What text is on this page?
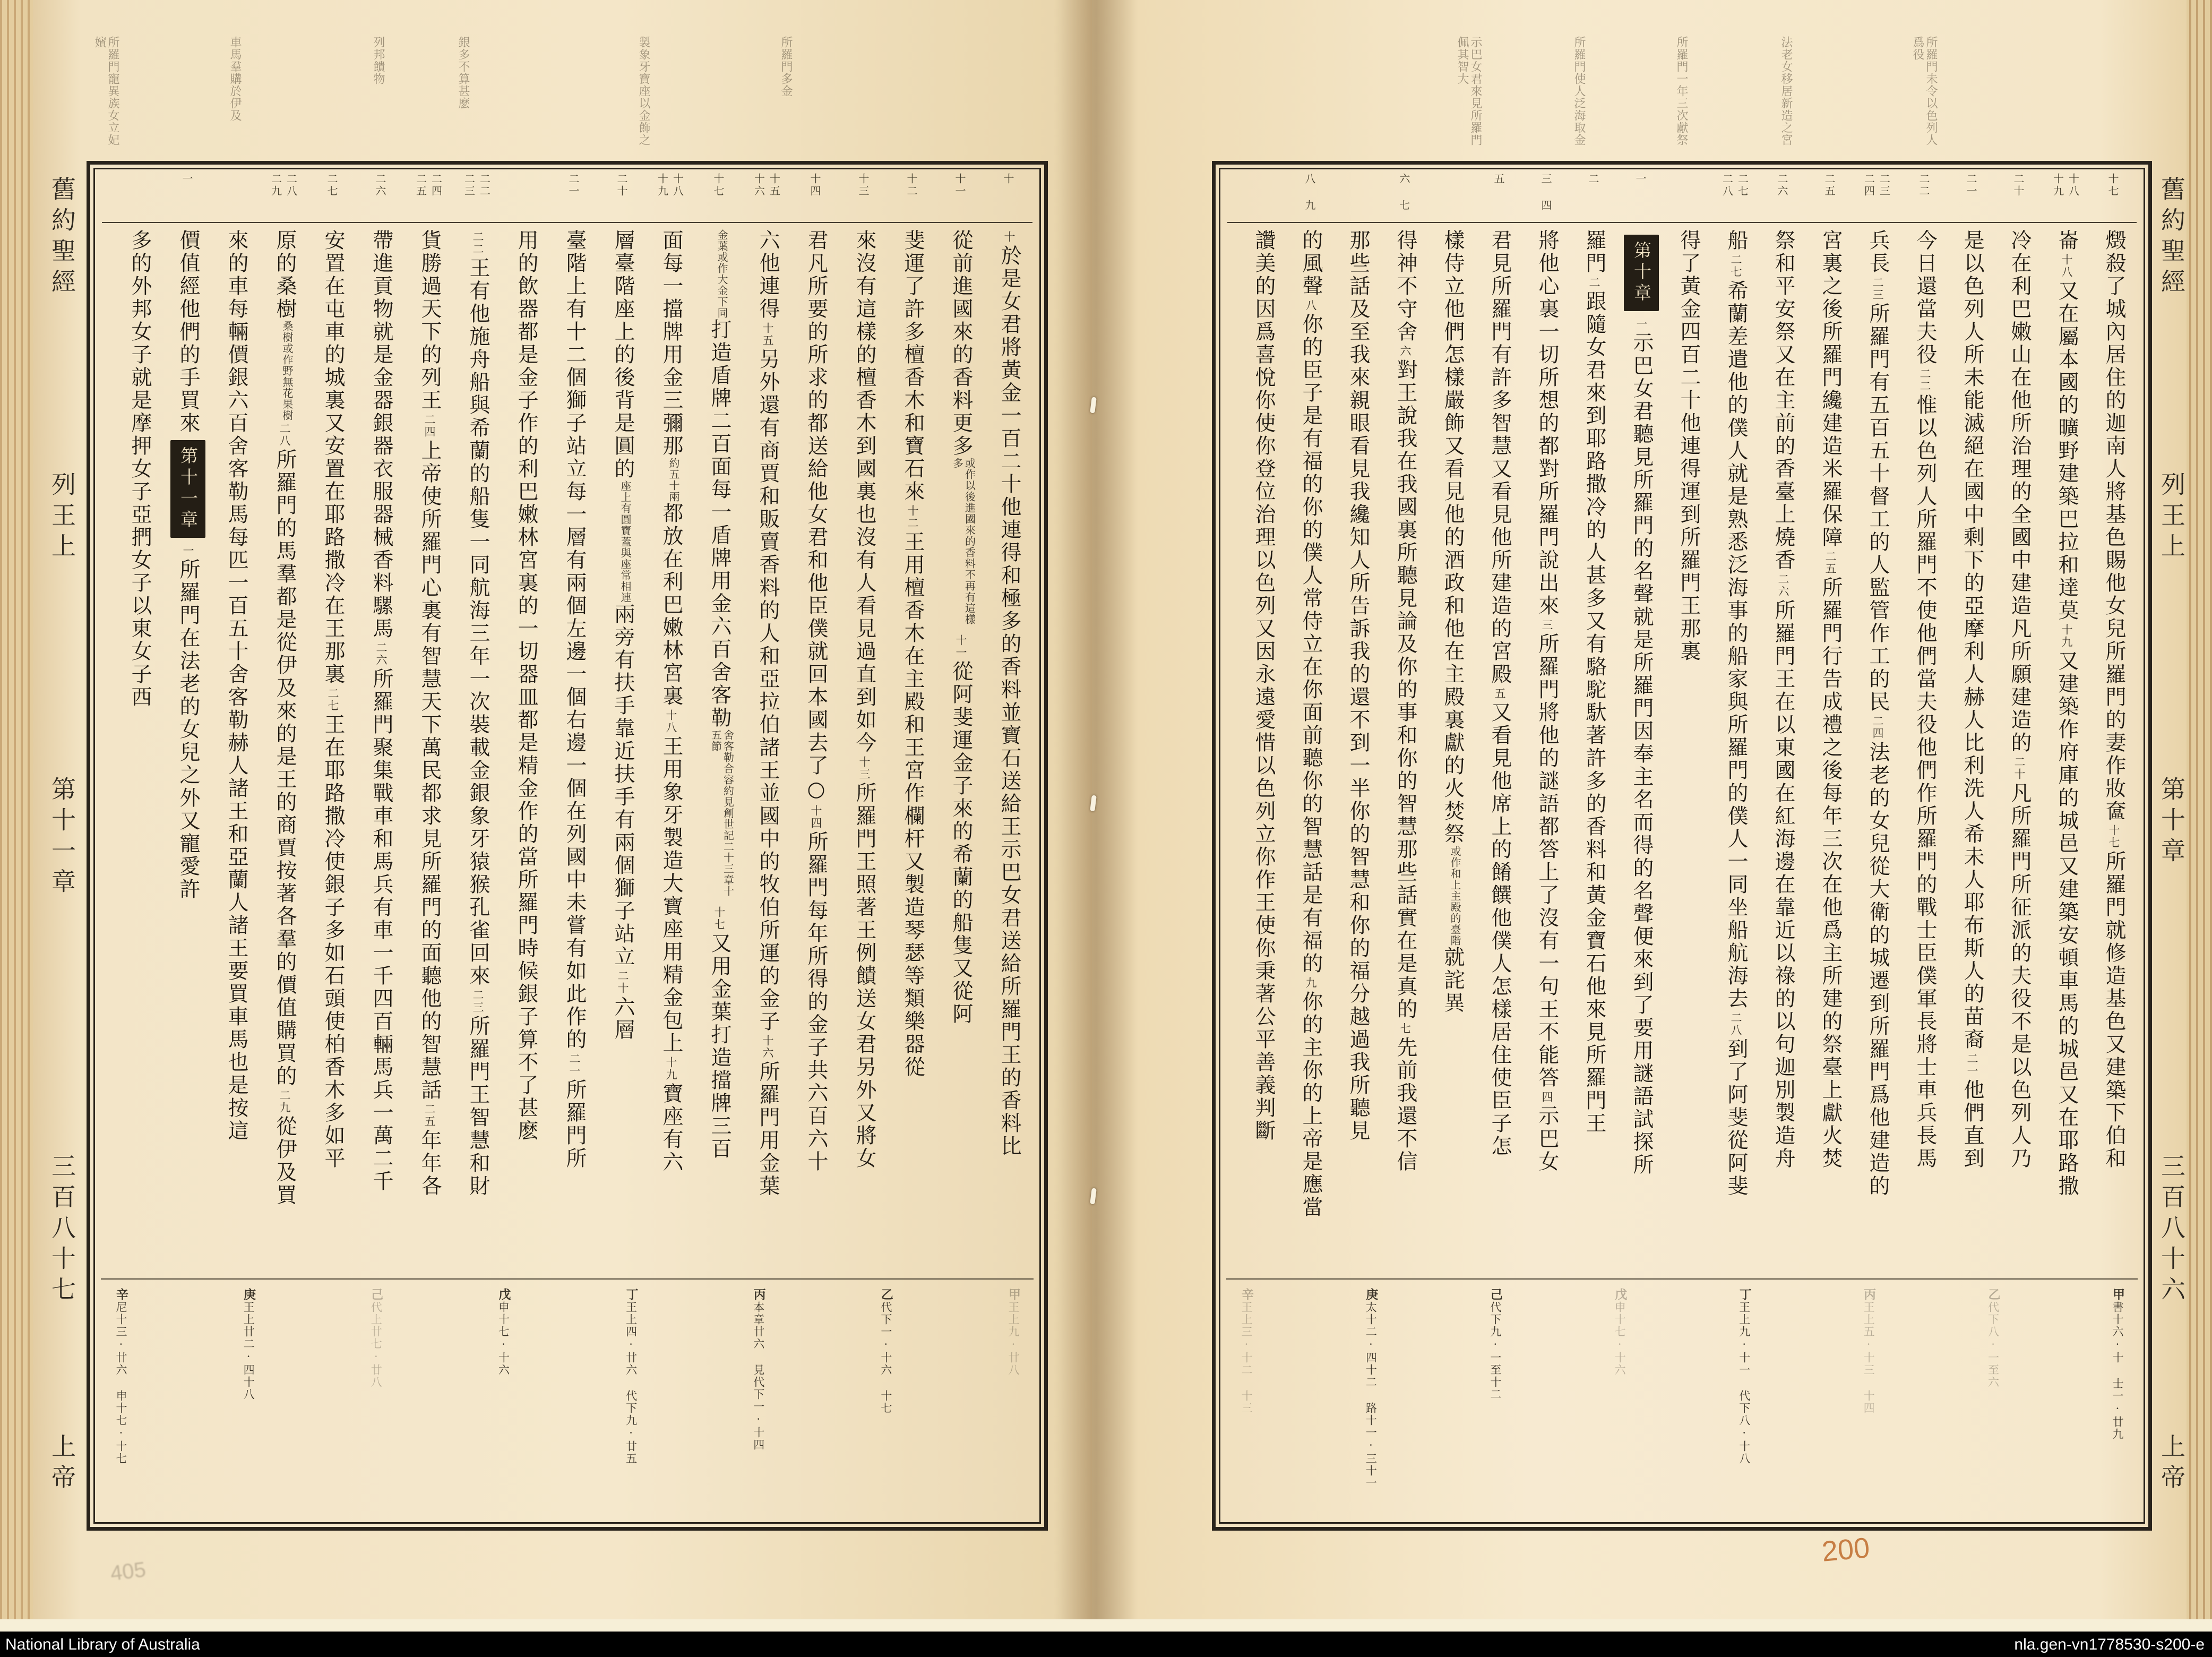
十
十一
十二
十三
十四
十五 十六
十七
十八 十九
二十
二一
二二 二三
二四 二五
二六
二七
二八 二九
一
十於是女君將黃金一百二十他連得和極多的香料並寶石送給王示巴女君送給所羅門王的香料比
從前進國來的香料更多或作以後進國來的香料不再有這樣多十一從阿斐運金子來的希蘭的船隻又從阿
斐運了許多檀香木和寶石來十二王用檀香木在主殿和王宮作欄杆又製造琴瑟等類樂器從
來沒有這樣的檀香木到國裏也沒有人看見過直到如今十三所羅門王照著王例饋送女君另外又將女
君凡所要的所求的都送給他女君和他臣僕就回本國去了○十四所羅門每年所得的金子共六百六十
六他連得十五另外還有商賈和販賣香料的人和亞拉伯諸王並國中的牧伯所運的金子十六所羅門用金葉
金葉或作大金下同打造盾牌二百面每一盾牌用金六百舍客勒舍客勒合容約見創世記二十三章十五節十七又用金葉打造擋牌三百
面每一擋牌用金三彌那約五十兩都放在利巴嫩林宮裏十八王用象牙製造大寶座用精金包上十九寶座有六
層臺階座上的後背是圓的座上有圓寶蓋與座常相連兩旁有扶手靠近扶手有兩個獅子站立二十六層
臺階上有十二個獅子站立每一層有兩個左邊一個右邊一個在列國中未嘗有如此作的二一所羅門所
用的飲器都是金子作的利巴嫩林宮裏的一切器皿都是精金作的當所羅門時候銀子算不了甚麽
二二王有他施舟船與希蘭的船隻一同航海三年一次裝載金銀象牙猿猴孔雀回來二三所羅門王智慧和財
貨勝過天下的列王二四上帝使所羅門心裏有智慧天下萬民都求見所羅門的面聽他的智慧話二五年年各
帶進貢物就是金器銀器衣服器械香料騾馬二六所羅門聚集戰車和馬兵有車一千四百輛馬兵一萬二千
安置在屯車的城裏又安置在耶路撒冷在王那裏二七王在耶路撒冷使銀子多如石頭使柏香木多如平
原的桑樹桑樹或作野無花果樹二八所羅門的馬羣都是從伊及來的是王的商賈按著各羣的價值購買的二九從伊及買
來的車每輛價銀六百舍客勒馬每匹一百五十舍客勒赫人諸王和亞蘭人諸王要買車馬也是按這
價值經他們的手買來第十一章一所羅門在法老的女兒之外又寵愛許
多的外邦女子就是摩押女子亞捫女子以東女子西
甲王上九·廿八
乙代下一·十六 十七
丙本章廿六 見代下一·十四
丁王上四·廿六 代下九·廿五
戊申十七·十六
己代上廿七·廿八
庚王上廿二·四十八
辛尼十三·廿六 申十七·十七
十七
十八 十九
二十
二一
二二
二三 二四
二五
二六
二七 二八
一
二
三 四
五
六 七
八 九
燬殺了城內居住的迦南人將基色賜他女兒所羅門的妻作妝奩十七所羅門就修造基色又建築下伯和
崙十八又在屬本國的曠野建築巴拉和達莫十九又建築作府庫的城邑又建築安頓車馬的城邑又在耶路撒
冷在利巴嫩山在他所治理的全國中建造凡所願建造的二十凡所羅門所征派的夫役不是以色列人乃
是以色列人所未能滅絕在國中剩下的亞摩利人赫人比利洗人希未人耶布斯人的苗裔二一他們直到
今日還當夫役二二惟以色列人所羅門不使他們當夫役他們作所羅門的戰士臣僕軍長將士車兵長馬
兵長二三所羅門有五百五十督工的人監管作工的民二四法老的女兒從大衛的城遷到所羅門爲他建造的
宮裏之後所羅門纔建造米羅保障二五所羅門行告成禮之後每年三次在他爲主所建的祭臺上獻火焚
祭和平安祭又在主前的香臺上燒香二六所羅門王在以東國在紅海邊在靠近以祿的以句迦別製造舟
船二七希蘭差遣他的僕人就是熟悉泛海事的船家與所羅門的僕人一同坐船航海去二八到了阿斐從阿斐
得了黃金四百二十他連得運到所羅門王那裏
第十章一示巴女君聽見所羅門的名聲就是所羅門因奉主名而得的名聲便來到了要用謎語試探所
羅門二跟隨女君來到耶路撒冷的人甚多又有駱駝馱著許多的香料和黃金寶石他來見所羅門王
將他心裏一切所想的都對所羅門說出來三所羅門將他的謎語都答上了沒有一句王不能答四示巴女
君見所羅門有許多智慧又看見他所建造的宮殿五又看見他席上的餚饌他僕人怎樣居住使臣子怎
樣侍立他們怎樣嚴飾又看見他的酒政和他在主殿裏獻的火焚祭或作和上主殿的臺階就詫異
得神不守舍六對王說我在我國裏所聽見論及你的事和你的智慧那些話實在是真的七先前我還不信
那些話及至我來親眼看見我纔知人所告訴我的還不到一半你的智慧和你的福分越過我所聽見
的風聲八你的臣子是有福的你的僕人常侍立在你面前聽你的智慧話是有福的九你的主你的上帝是應當
讚美的因爲喜悅你使你登位治理以色列又因永遠愛惜以色列立你作王使你秉著公平善義判斷
甲書十六·十 士一·廿九
乙代下八·一至六
丙王上五·十三 十四
丁王上九·十一 代下八·十八
戊申十七·十六
己代下九·一至十二
庚太十二·四十二 路十一·三十一
辛王上三·十二 十三
舊約聖經
列王上
第十一章
三百八十七
上帝
舊約聖經
列王上
第十章
三百八十六
上帝
405
200
National Library of Australia	nla.gen-vn1778530-s200-e
所羅門多金
製象牙寶座以金飾之
銀多不算甚麽
列邦饋物
車馬羣購於伊及
所羅門寵異族女立妃嬪	所羅門未令以色列人爲役
法老女移居新造之宮
所羅門一年三次獻祭
所羅門使人泛海取金
示巴女君來見所羅門佩其智大
